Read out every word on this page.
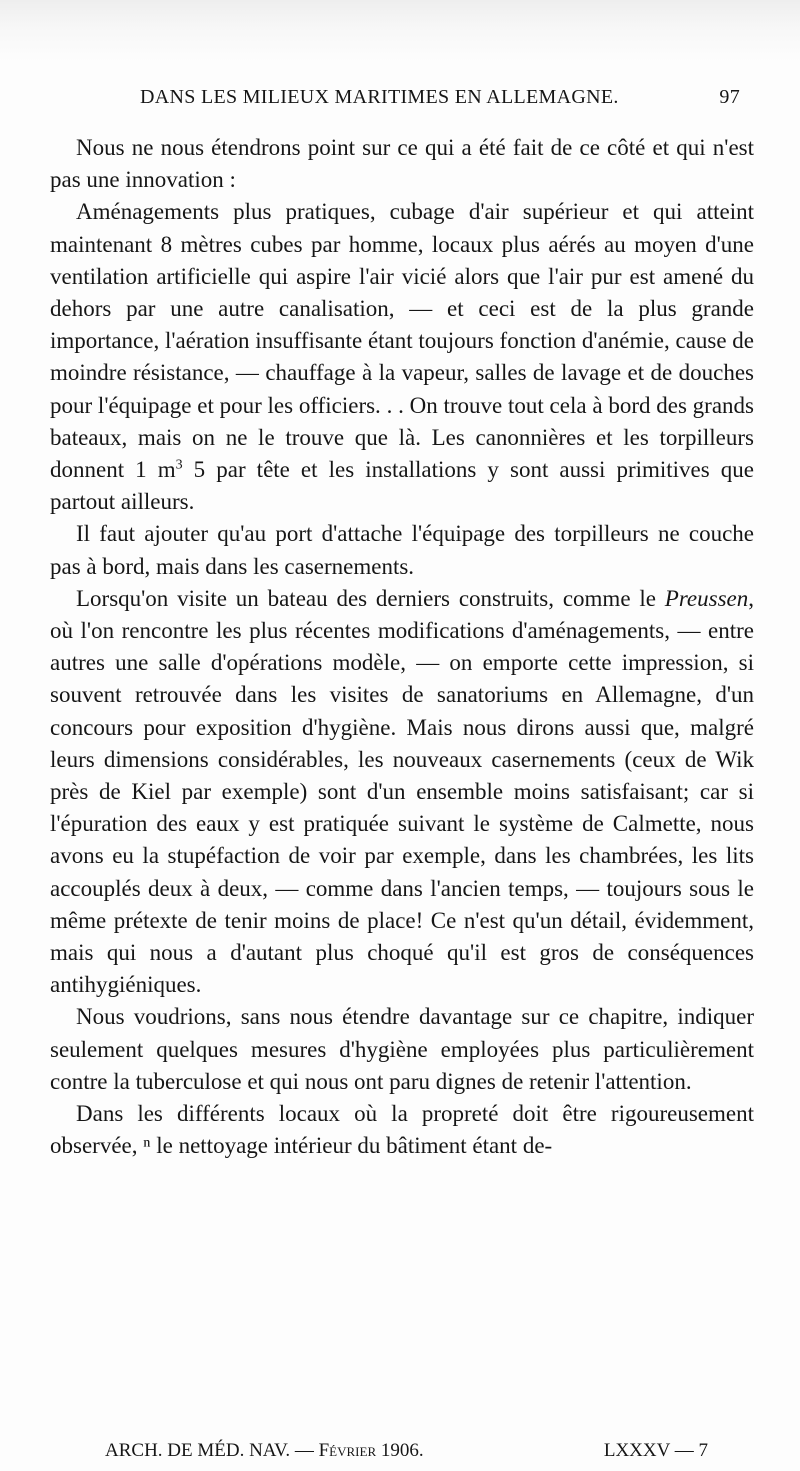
DANS LES MILIEUX MARITIMES EN ALLEMAGNE.	97

Nous ne nous étendrons point sur ce qui a été fait de ce côté et qui n'est pas une innovation :

Aménagements plus pratiques, cubage d'air supérieur et qui atteint maintenant 8 mètres cubes par homme, locaux plus aérés au moyen d'une ventilation artificielle qui aspire l'air vicié alors que l'air pur est amené du dehors par une autre canalisation, — et ceci est de la plus grande importance, l'aération insuffisante étant toujours fonction d'anémie, cause de moindre résistance, — chauffage à la vapeur, salles de lavage et de douches pour l'équipage et pour les officiers. . . On trouve tout cela à bord des grands bateaux, mais on ne le trouve que là. Les canonnières et les torpilleurs donnent 1 $m^3$ 5 par tête et les installations y sont aussi primitives que partout ailleurs.

Il faut ajouter qu'au port d'attache l'équipage des torpilleurs ne couche pas à bord, mais dans les casernements.

Lorsqu'on visite un bateau des derniers construits, comme le Preussen, où l'on rencontre les plus récentes modifications d'aménagements, — entre autres une salle d'opérations modèle, — on emporte cette impression, si souvent retrouvée dans les visites de sanatoriums en Allemagne, d'un concours pour exposition d'hygiène. Mais nous dirons aussi que, malgré leurs dimensions considérables, les nouveaux casernements (ceux de Wik près de Kiel par exemple) sont d'un ensemble moins satisfaisant; car si l'épuration des eaux y est pratiquée suivant le système de Calmette, nous avons eu la stupéfaction de voir par exemple, dans les chambrées, les lits accouplés deux à deux, — comme dans l'ancien temps, — toujours sous le même prétexte de tenir moins de place! Ce n'est qu'un détail, évidemment, mais qui nous a d'autant plus choqué qu'il est gros de conséquences antihygiéniques.

Nous voudrions, sans nous étendre davantage sur ce chapitre, indiquer seulement quelques mesures d'hygiène employées plus particulièrement contre la tuberculose et qui nous ont paru dignes de retenir l'attention.

Dans les différents locaux où la propreté doit être rigoureusement observée, ⁿ le nettoyage intérieur du bâtiment étant de-

ARCH. DE MÉD. NAV. — Février 1906.	LXXXV — 7
